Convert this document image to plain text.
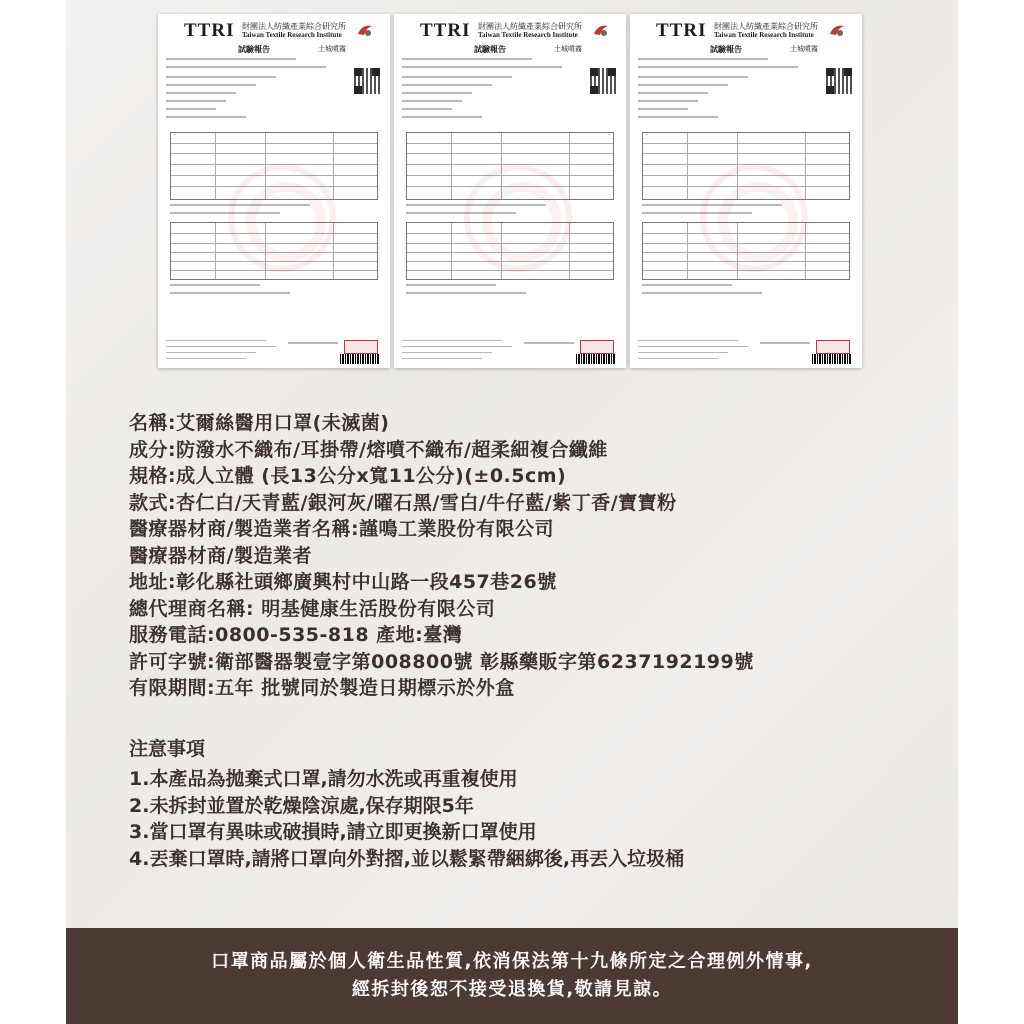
TTRI 財團法人紡織產業綜合研究所
Taiwan Textile Research Institute
試驗報告	土城噴霧
TTRI 財團法人紡織產業綜合研究所
Taiwan Textile Research Institute
試驗報告	土城噴霧
TTRI 財團法人紡織產業綜合研究所
Taiwan Textile Research Institute
試驗報告	土城噴霧

名稱:艾爾絲醫用口罩(未滅菌)

成分:防潑水不織布/耳掛帶/熔噴不織布/超柔細複合纖維

規格:成人立體 (長13公分x寬11公分)(±0.5cm)

款式:杏仁白/天青藍/銀河灰/曜石黑/雪白/牛仔藍/紫丁香/寶寶粉

醫療器材商/製造業者名稱:謹鳴工業股份有限公司

醫療器材商/製造業者

地址:彰化縣社頭鄉廣興村中山路一段457巷26號

總代理商名稱: 明基健康生活股份有限公司

服務電話:0800-535-818 產地:臺灣

許可字號:衛部醫器製壹字第008800號 彰縣藥販字第6237192199號

有限期間:五年 批號同於製造日期標示於外盒

注意事項

1.本產品為拋棄式口罩,請勿水洗或再重複使用

2.未拆封並置於乾燥陰涼處,保存期限5年

3.當口罩有異味或破損時,請立即更換新口罩使用

4.丟棄口罩時,請將口罩向外對摺,並以鬆緊帶綑綁後,再丟入垃圾桶

口罩商品屬於個人衛生品性質,依消保法第十九條所定之合理例外情事,

經拆封後恕不接受退換貨,敬請見諒。
